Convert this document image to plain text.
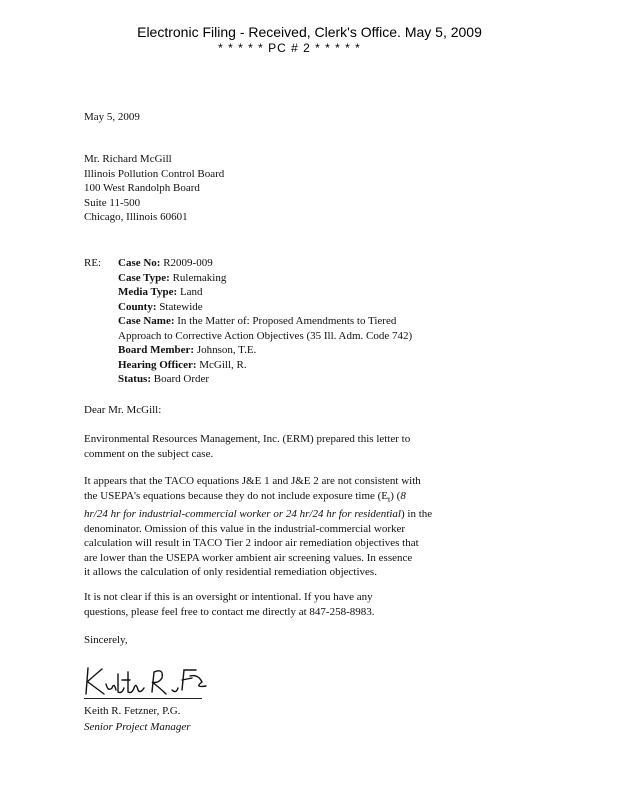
Electronic Filing - Received, Clerk's Office. May 5, 2009
* * * * * PC # 2 * * * * *
May 5, 2009
Mr. Richard McGill
Illinois Pollution Control Board
100 West Randolph Board
Suite 11-500
Chicago, Illinois 60601
RE: Case No: R2009-009
Case Type: Rulemaking
Media Type: Land
County: Statewide
Case Name: In the Matter of: Proposed Amendments to Tiered
Approach to Corrective Action Objectives (35 Ill. Adm. Code 742)
Board Member: Johnson, T.E.
Hearing Officer: McGill, R.
Status: Board Order
Dear Mr. McGill:
Environmental Resources Management, Inc. (ERM) prepared this letter to
comment on the subject case.
It appears that the TACO equations J&E 1 and J&E 2 are not consistent with
the USEPA's equations because they do not include exposure time $(E_t)$ (8
hr/24 hr for industrial-commercial worker or 24 hr/24 hr for residential) in the
denominator. Omission of this value in the industrial-commercial worker
calculation will result in TACO Tier 2 indoor air remediation objectives that
are lower than the USEPA worker ambient air screening values. In essence
it allows the calculation of only residential remediation objectives.
It is not clear if this is an oversight or intentional. If you have any
questions, please feel free to contact me directly at 847-258-8983.
Sincerely,
Keith R. Fetzner, P.G.
Senior Project Manager
